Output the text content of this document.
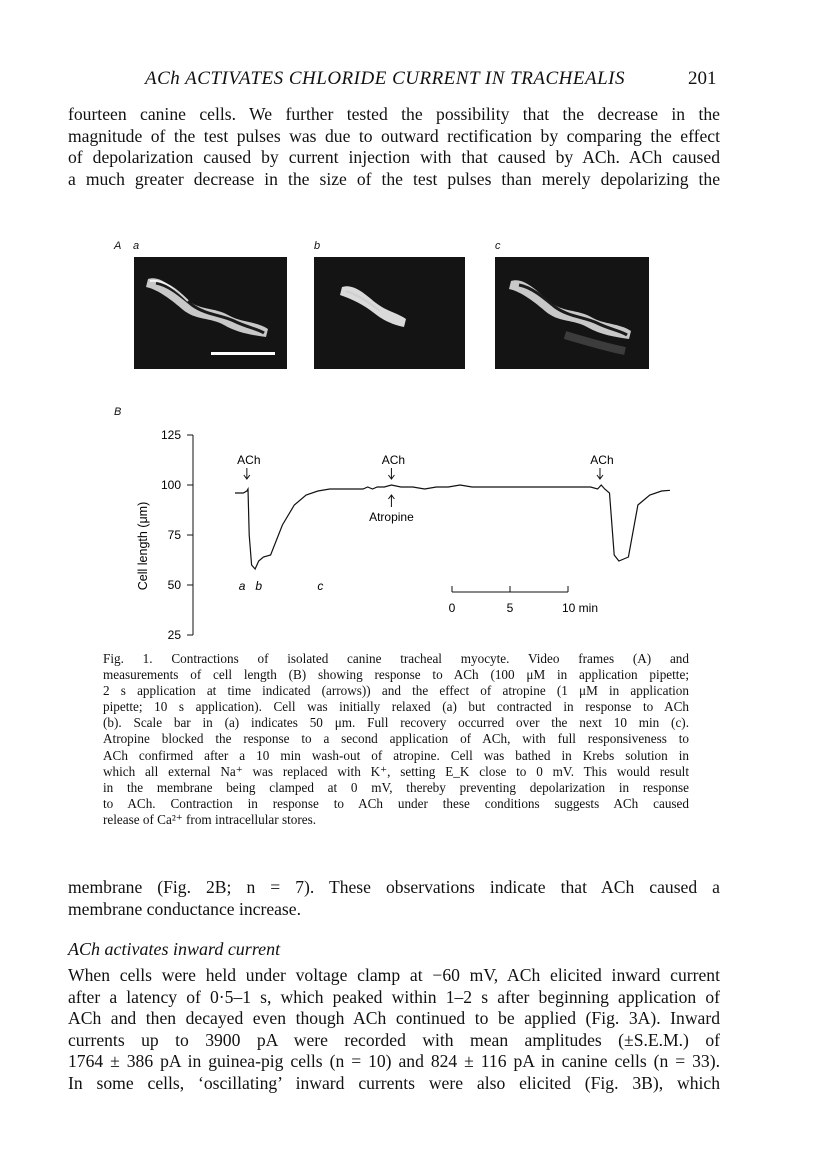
ACh ACTIVATES CHLORIDE CURRENT IN TRACHEALIS	201
fourteen canine cells. We further tested the possibility that the decrease in the
magnitude of the test pulses was due to outward rectification by comparing the effect
of depolarization caused by current injection with that caused by ACh. ACh caused
a much greater decrease in the size of the test pulses than merely depolarizing the
A a	b	c
B
125
100
75
50
25
Cell length (μm)
ACh	ACh
Atropine
ACh
a b	c
0	5	10 min
Fig. 1. Contractions of isolated canine tracheal myocyte. Video frames (A) and
measurements of cell length (B) showing response to ACh (100 μM in application pipette;
2 s application at time indicated (arrows)) and the effect of atropine (1 μM in application
pipette; 10 s application). Cell was initially relaxed (a) but contracted in response to ACh
(b). Scale bar in (a) indicates 50 μm. Full recovery occurred over the next 10 min (c).
Atropine blocked the response to a second application of ACh, with full responsiveness to
ACh confirmed after a 10 min wash-out of atropine. Cell was bathed in Krebs solution in
which all external Na⁺ was replaced with K⁺, setting E_K close to 0 mV. This would result
in the membrane being clamped at 0 mV, thereby preventing depolarization in response
to ACh. Contraction in response to ACh under these conditions suggests ACh caused
release of Ca²⁺ from intracellular stores.
membrane (Fig. 2B; n = 7). These observations indicate that ACh caused a
membrane conductance increase.
ACh activates inward current
When cells were held under voltage clamp at −60 mV, ACh elicited inward current
after a latency of 0·5–1 s, which peaked within 1–2 s after beginning application of
ACh and then decayed even though ACh continued to be applied (Fig. 3A). Inward
currents up to 3900 pA were recorded with mean amplitudes (±S.E.M.) of
1764 ± 386 pA in guinea-pig cells (n = 10) and 824 ± 116 pA in canine cells (n = 33).
In some cells, ‘oscillating’ inward currents were also elicited (Fig. 3B), which
